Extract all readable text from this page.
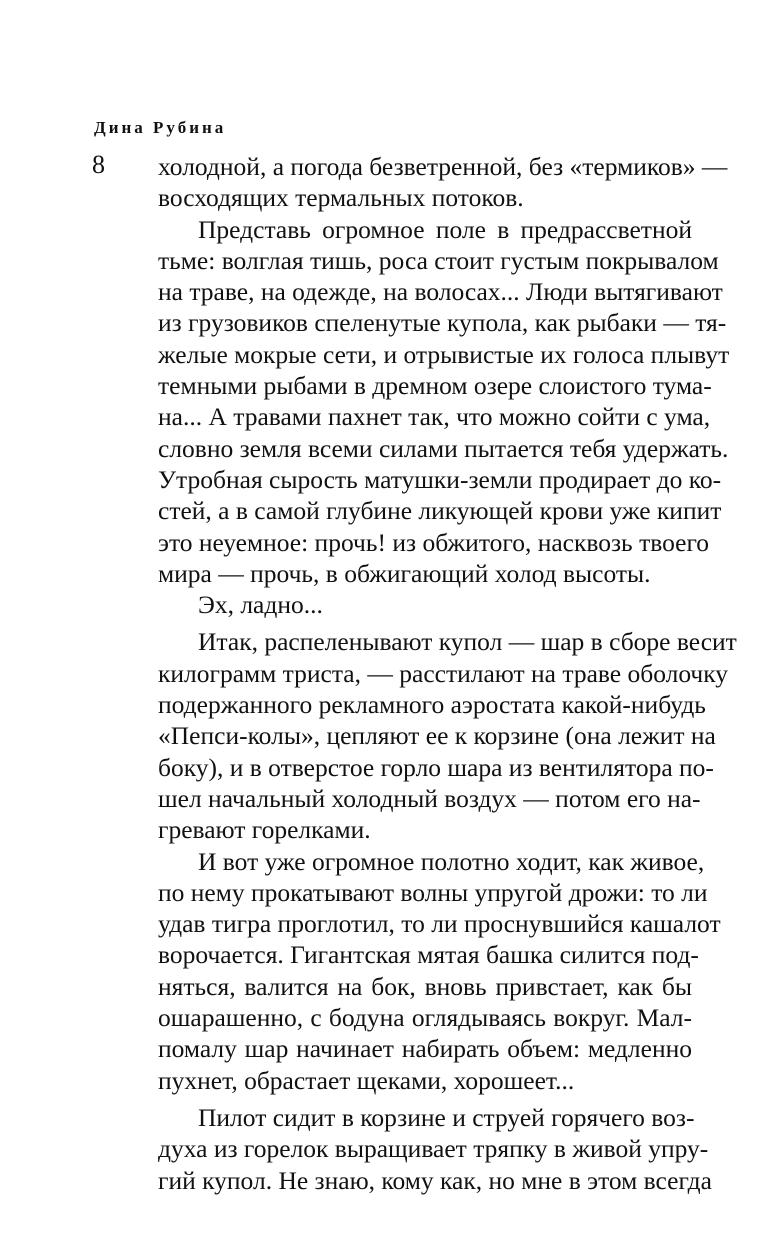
Дина Рубина
8 холодной, а погода безветренной, без «термиков» —
восходящих термальных потоков.
Представь огромное поле в предрассветной
тьме: волглая тишь, роса стоит густым покрывалом
на траве, на одежде, на волосах... Люди вытягивают
из грузовиков спеленутые купола, как рыбаки — тя-
желые мокрые сети, и отрывистые их голоса плывут
темными рыбами в дремном озере слоистого тума-
на... А травами пахнет так, что можно сойти с ума,
словно земля всеми силами пытается тебя удержать.
Утробная сырость матушки-земли продирает до ко-
стей, а в самой глубине ликующей крови уже кипит
это неуемное: прочь! из обжитого, насквозь твоего
мира — прочь, в обжигающий холод высоты.
Эх, ладно...
Итак, распеленывают купол — шар в сборе весит
килограмм триста, — расстилают на траве оболочку
подержанного рекламного аэростата какой-нибудь
«Пепси-колы», цепляют ее к корзине (она лежит на
боку), и в отверстое горло шара из вентилятора по-
шел начальный холодный воздух — потом его на-
гревают горелками.
И вот уже огромное полотно ходит, как живое,
по нему прокатывают волны упругой дрожи: то ли
удав тигра проглотил, то ли проснувшийся кашалот
ворочается. Гигантская мятая башка силится под-
няться, валится на бок, вновь привстает, как бы
ошарашенно, с бодуна оглядываясь вокруг. Мал-
помалу шар начинает набирать объем: медленно
пухнет, обрастает щеками, хорошеет...
Пилот сидит в корзине и струей горячего воз-
духа из горелок выращивает тряпку в живой упру-
гий купол. Не знаю, кому как, но мне в этом всегда
